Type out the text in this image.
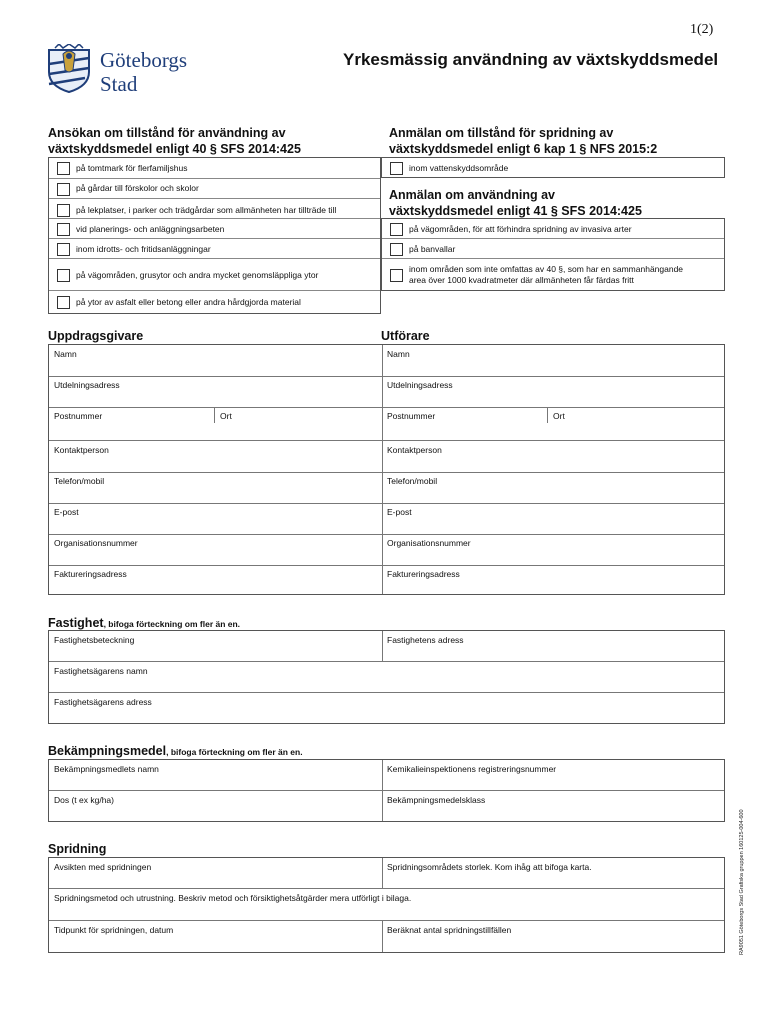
1(2)
Göteborgs
Stad
Yrkesmässig användning av växtskyddsmedel
Ansökan om tillstånd för användning av
växtskyddsmedel enligt 40 § SFS 2014:425
Anmälan om tillstånd för spridning av
växtskyddsmedel enligt 6 kap 1 § NFS 2015:2
på tomtmark för flerfamiljshus
på gårdar till förskolor och skolor
på lekplatser, i parker och trädgårdar som allmänheten har tillträde till
vid planerings- och anläggningsarbeten
inom idrotts- och fritidsanläggningar
på vägområden, grusytor och andra mycket genomsläppliga ytor
på ytor av asfalt eller betong eller andra hårdgjorda material
inom vattenskyddsområde
Anmälan om användning av
växtskyddsmedel enligt 41 § SFS 2014:425
på vägområden, för att förhindra spridning av invasiva arter
på banvallar
inom områden som inte omfattas av 40 §, som har en sammanhängande
area över 1000 kvadratmeter där allmänheten får färdas fritt
Uppdragsgivare	Utförare
Namn
Utdelningsadress
Postnummer	Ort
Kontaktperson
Telefon/mobil
E-post
Organisationsnummer
Faktureringsadress
Namn
Utdelningsadress
Postnummer	Ort
Kontaktperson
Telefon/mobil
E-post
Organisationsnummer
Faktureringsadress
Fastighet, bifoga förteckning om fler än en.
Fastighetsbeteckning	Fastighetens adress
Fastighetsägarens namn
Fastighetsägarens adress
Bekämpningsmedel, bifoga förteckning om fler än en.
Bekämpningsmedlets namn	Kemikalieinspektionens registreringsnummer
Dos (t ex kg/ha)	Bekämpningsmedelsklass
Spridning
Avsikten med spridningen	Spridningsområdets storlek. Kom ihåg att bifoga karta.
Spridningsmetod och utrustning. Beskriv metod och försiktighetsåtgärder mera utförligt i bilaga.
Tidpunkt för spridningen, datum	Beräknat antal spridningstillfällen	RA9051 Göteborgs Stad Grafiska gruppen 160125-004-600
